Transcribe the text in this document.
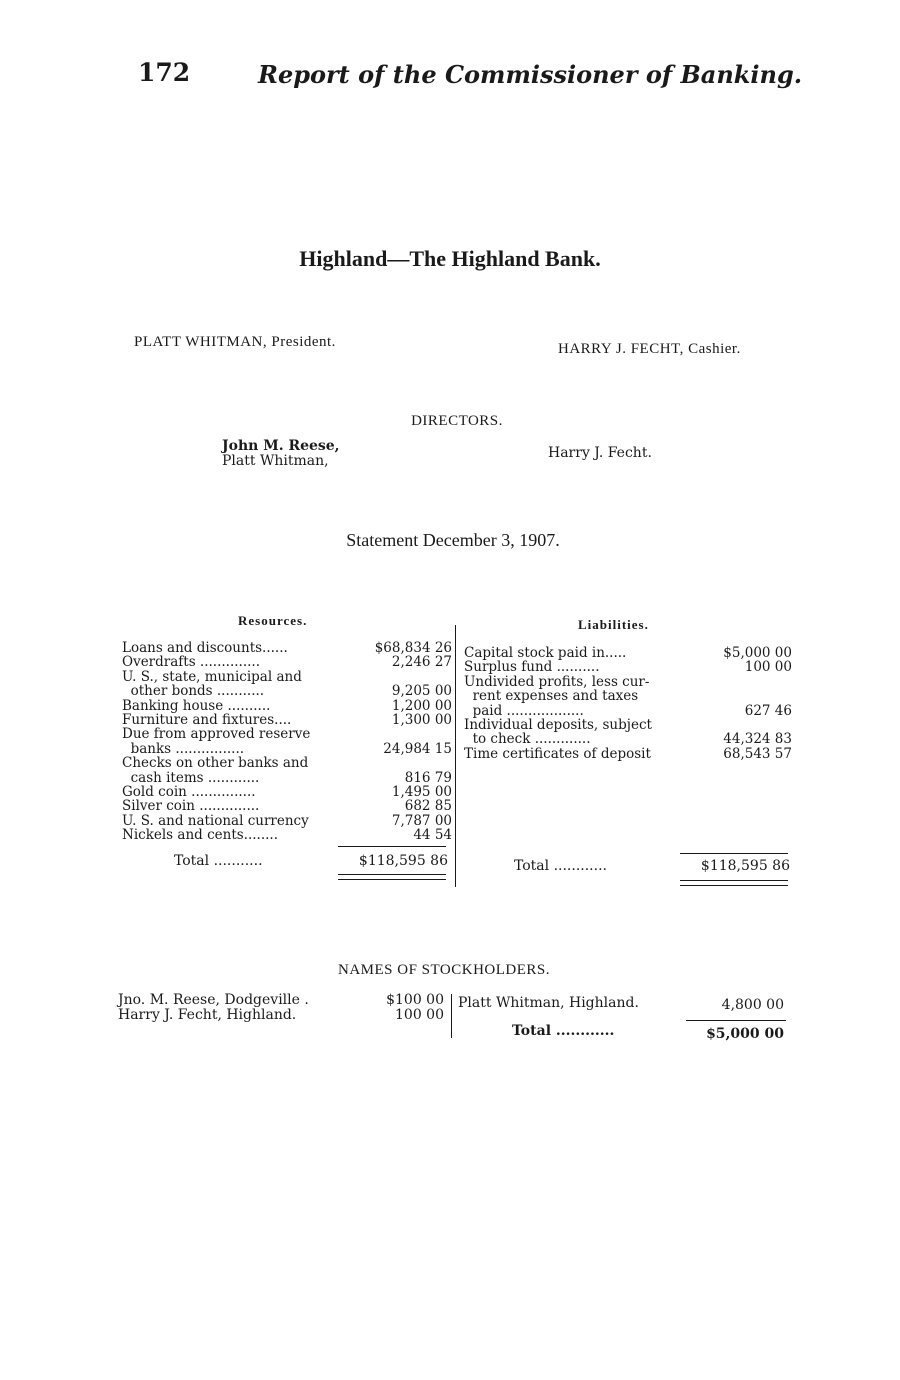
172	Report of the Commissioner of Banking.
Highland—The Highland Bank.
PLATT WHITMAN, President.	HARRY J. FECHT, Cashier.
DIRECTORS.
John M. Reese,
Platt Whitman,	Harry J. Fecht.
Statement December 3, 1907.
Resources.
Loans and discounts......	$68,834 26
Overdrafts ..............	2,246 27
U. S., state, municipal and
other bonds ...........	9,205 00
Banking house ..........	1,200 00
Furniture and fixtures....	1,300 00
Due from approved reserve
banks ................	24,984 15
Checks on other banks and
cash items ............	816 79
Gold coin ...............	1,495 00
Silver coin ..............	682 85
U. S. and national currency	7,787 00
Nickels and cents........	44 54
Total ...........	$118,595 86
Liabilities.
Capital stock paid in.....	$5,000 00
Surplus fund ..........	100 00
Undivided profits, less cur-
rent expenses and taxes
paid ..................	627 46
Individual deposits, subject
to check .............	44,324 83
Time certificates of deposit	68,543 57
Total ............	$118,595 86
NAMES OF STOCKHOLDERS.
Jno. M. Reese, Dodgeville .	$100 00
Harry J. Fecht, Highland.	100 00
Platt Whitman, Highland.	4,800 00
Total ............	$5,000 00
